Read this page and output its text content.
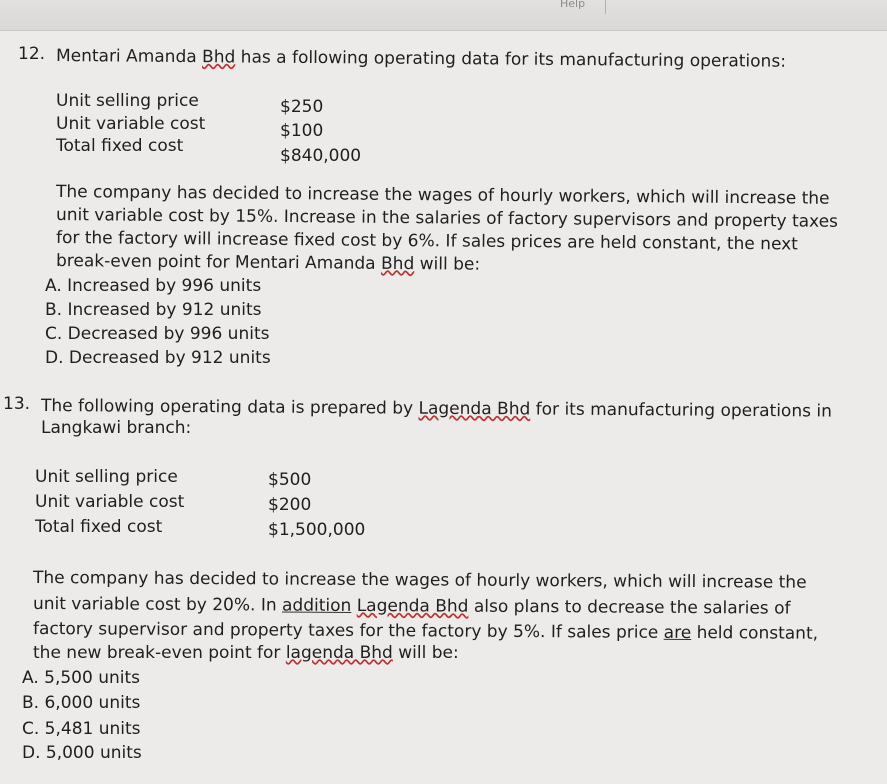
Help
12. Mentari Amanda Bhd has a following operating data for its manufacturing operations:
Unit selling price	$250
Unit variable cost	$100
Total fixed cost	$840,000
The company has decided to increase the wages of hourly workers, which will increase the
unit variable cost by 15%. Increase in the salaries of factory supervisors and property taxes
for the factory will increase fixed cost by 6%. If sales prices are held constant, the next
break-even point for Mentari Amanda Bhd will be:
A. Increased by 996 units
B. Increased by 912 units
C. Decreased by 996 units
D. Decreased by 912 units
13. The following operating data is prepared by Lagenda Bhd for its manufacturing operations in
Langkawi branch:
Unit selling price	$500
Unit variable cost	$200
Total fixed cost	$1,500,000
The company has decided to increase the wages of hourly workers, which will increase the
unit variable cost by 20%. In addition Lagenda Bhd also plans to decrease the salaries of
factory supervisor and property taxes for the factory by 5%. If sales price are held constant,
the new break-even point for lagenda Bhd will be:
A. 5,500 units
B. 6,000 units
C. 5,481 units
D. 5,000 units
